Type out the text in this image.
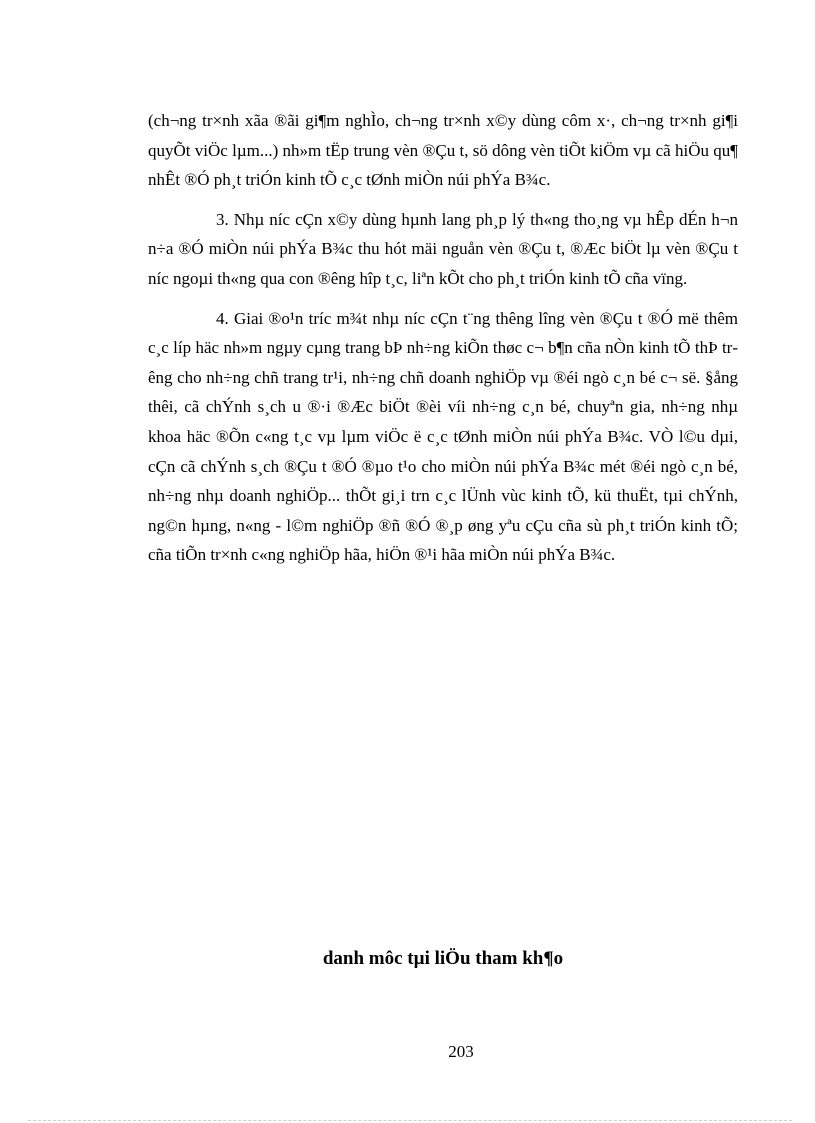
(ch¬ng tr×nh xãa ®ãi gi¶m nghÌo, ch¬ng tr×nh x©y dùng côm x·, ch¬ng tr×nh gi¶i quyÕt viÖc lµm...) nh»m tËp trung vèn ®Çu t, sö dông vèn tiÕt kiÖm vµ cã hiÖu qu¶ nhÊt ®Ó ph¸t triÓn kinh tÕ c¸c tØnh miÒn núi phÝa B¾c.

3. Nhµ níc cÇn x©y dùng hµnh lang ph¸p lý th«ng tho¸ng vµ hÊp dÉn h¬n n÷a ®Ó miÒn núi phÝa B¾c thu hót mäi nguån vèn ®Çu t, ®Æc biÖt lµ vèn ®Çu t níc ngoµi th«ng qua con ®êng hîp t¸c, liªn kÕt cho ph¸t triÓn kinh tÕ cña vïng.

4. Giai ®o¹n tríc m¾t nhµ níc cÇn t¨ng thêng lîng vèn ®Çu t ®Ó më thêm c¸c líp häc nh»m ngµy cµng trang bÞ nh÷ng kiÕn thøc c¬ b¶n cña nÒn kinh tÕ thÞ trêng cho nh÷ng chñ trang tr¹i, nh÷ng chñ doanh nghiÖp vµ ®éi ngò c¸n bé c¬ së. §ång thêi, cã chÝnh s¸ch u ®·i ®Æc biÖt ®èi víi nh÷ng c¸n bé, chuyªn gia, nh÷ng nhµ khoa häc ®Õn c«ng t¸c vµ lµm viÖc ë c¸c tØnh miÒn núi phÝa B¾c. VÒ l©u dµi, cÇn cã chÝnh s¸ch ®Çu t ®Ó ®µo t¹o cho miÒn núi phÝa B¾c mét ®éi ngò c¸n bé, nh÷ng nhµ doanh nghiÖp... thÕt gi¸i trn c¸c lÜnh vùc kinh tÕ, kü thuËt, tµi chÝnh, ng©n hµng, n«ng - l©m nghiÖp ®ñ ®Ó ®¸p øng yªu cÇu cña sù ph¸t triÓn kinh tÕ; cña tiÕn tr×nh c«ng nghiÖp hãa, hiÖn ®¹i hãa miÒn núi phÝa B¾c.

danh môc tµi liÖu tham kh¶o
203
